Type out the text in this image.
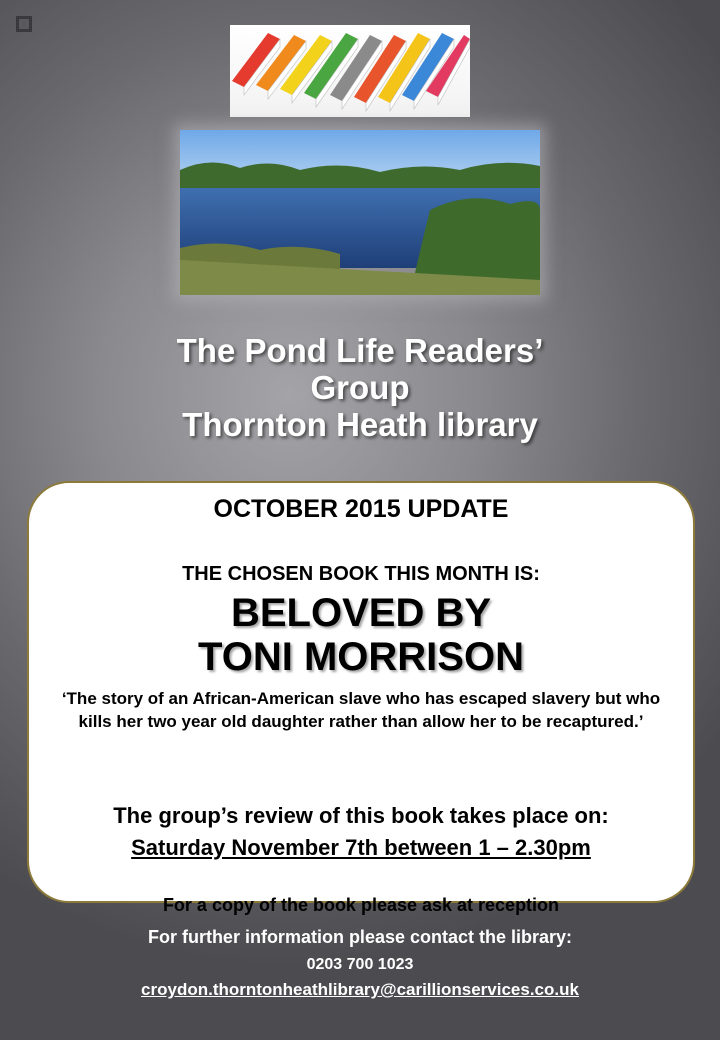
The Pond Life Readers’
Group
Thornton Heath library
OCTOBER 2015 UPDATE
THE CHOSEN BOOK THIS MONTH IS:
BELOVED BY
TONI MORRISON
‘The story of an African-American slave who has escaped slavery but who kills her two year old daughter rather than allow her to be recaptured.’
The group’s review of this book takes place on:
Saturday November 7th between 1 – 2.30pm
For a copy of the book please ask at reception
For further information please contact the library:
0203 700 1023
croydon.thorntonheathlibrary@carillionservices.co.uk
